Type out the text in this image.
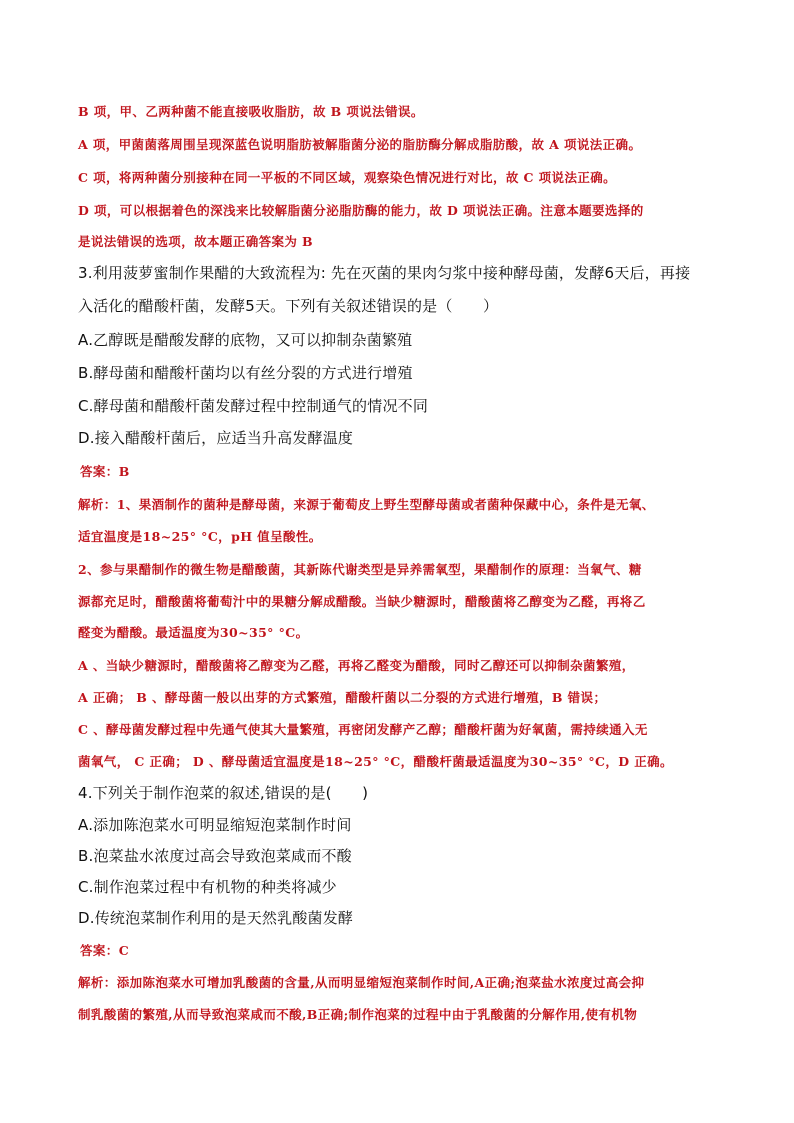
B 项，甲、乙两种菌不能直接吸收脂肪，故 B 项说法错误。
A 项，甲菌菌落周围呈现深蓝色说明脂肪被解脂菌分泌的脂肪酶分解成脂肪酸，故 A 项说法正确。
C 项，将两种菌分别接种在同一平板的不同区域，观察染色情况进行对比，故 C 项说法正确。
D 项，可以根据着色的深浅来比较解脂菌分泌脂肪酶的能力，故 D 项说法正确。注意本题要选择的
是说法错误的选项，故本题正确答案为 B
3.利用菠萝蜜制作果醋的大致流程为: 先在灭菌的果肉匀浆中接种酵母菌，发酵6天后，再接
入活化的醋酸杆菌，发酵5天。下列有关叙述错误的是（　　）
A.乙醇既是醋酸发酵的底物，又可以抑制杂菌繁殖
B.酵母菌和醋酸杆菌均以有丝分裂的方式进行增殖
C.酵母菌和醋酸杆菌发酵过程中控制通气的情况不同
D.接入醋酸杆菌后，应适当升高发酵温度
答案：B
解析：1、果酒制作的菌种是酵母菌，来源于葡萄皮上野生型酵母菌或者菌种保藏中心，条件是无氧、
适宜温度是18~25° °C，pH 值呈酸性。
2、参与果醋制作的微生物是醋酸菌，其新陈代谢类型是异养需氧型，果醋制作的原理：当氧气、糖
源都充足时，醋酸菌将葡萄汁中的果糖分解成醋酸。当缺少糖源时，醋酸菌将乙醇变为乙醛，再将乙
醛变为醋酸。最适温度为30~35° °C。
A 、当缺少糖源时，醋酸菌将乙醇变为乙醛，再将乙醛变为醋酸，同时乙醇还可以抑制杂菌繁殖，
A 正确； B 、酵母菌一般以出芽的方式繁殖，醋酸杆菌以二分裂的方式进行增殖，B 错误；
C 、酵母菌发酵过程中先通气使其大量繁殖，再密闭发酵产乙醇；醋酸杆菌为好氧菌，需持续通入无
菌氧气， C 正确； D 、酵母菌适宜温度是18~25° °C，醋酸杆菌最适温度为30~35° °C，D 正确。
4.下列关于制作泡菜的叙述,错误的是(　　)
A.添加陈泡菜水可明显缩短泡菜制作时间
B.泡菜盐水浓度过高会导致泡菜咸而不酸
C.制作泡菜过程中有机物的种类将减少
D.传统泡菜制作利用的是天然乳酸菌发酵
答案：C
解析：添加陈泡菜水可增加乳酸菌的含量,从而明显缩短泡菜制作时间,A正确;泡菜盐水浓度过高会抑
制乳酸菌的繁殖,从而导致泡菜咸而不酸,B正确;制作泡菜的过程中由于乳酸菌的分解作用,使有机物
